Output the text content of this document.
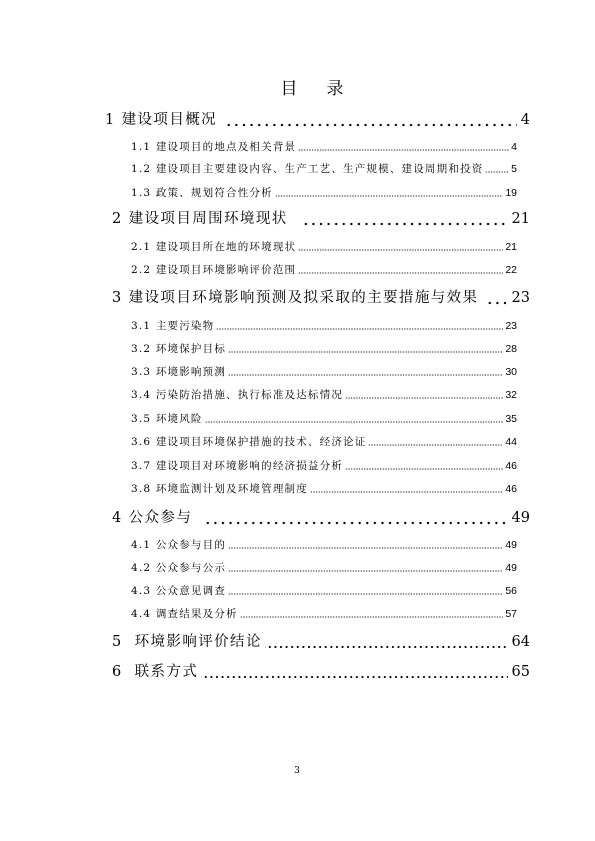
目　录
1 建设项目概况	4
1.1 建设项目的地点及相关背景	4
1.2 建设项目主要建设内容、生产工艺、生产规模、建设周期和投资	5
1.3 政策、规划符合性分析	19
2 建设项目周围环境现状	21
2.1 建设项目所在地的环境现状	21
2.2 建设项目环境影响评价范围	22
3 建设项目环境影响预测及拟采取的主要措施与效果 23
3.1 主要污染物	23
3.2 环境保护目标	28
3.3 环境影响预测	30
3.4 污染防治措施、执行标准及达标情况	32
3.5 环境风险	35
3.6 建设项目环境保护措施的技术、经济论证	44
3.7 建设项目对环境影响的经济损益分析	46
3.8 环境监测计划及环境管理制度	46
4 公众参与	49
4.1 公众参与目的	49
4.2 公众参与公示	49
4.3 公众意见调查	56
4.4 调查结果及分析	57
5  环境影响评价结论	64
6  联系方式	65
3
